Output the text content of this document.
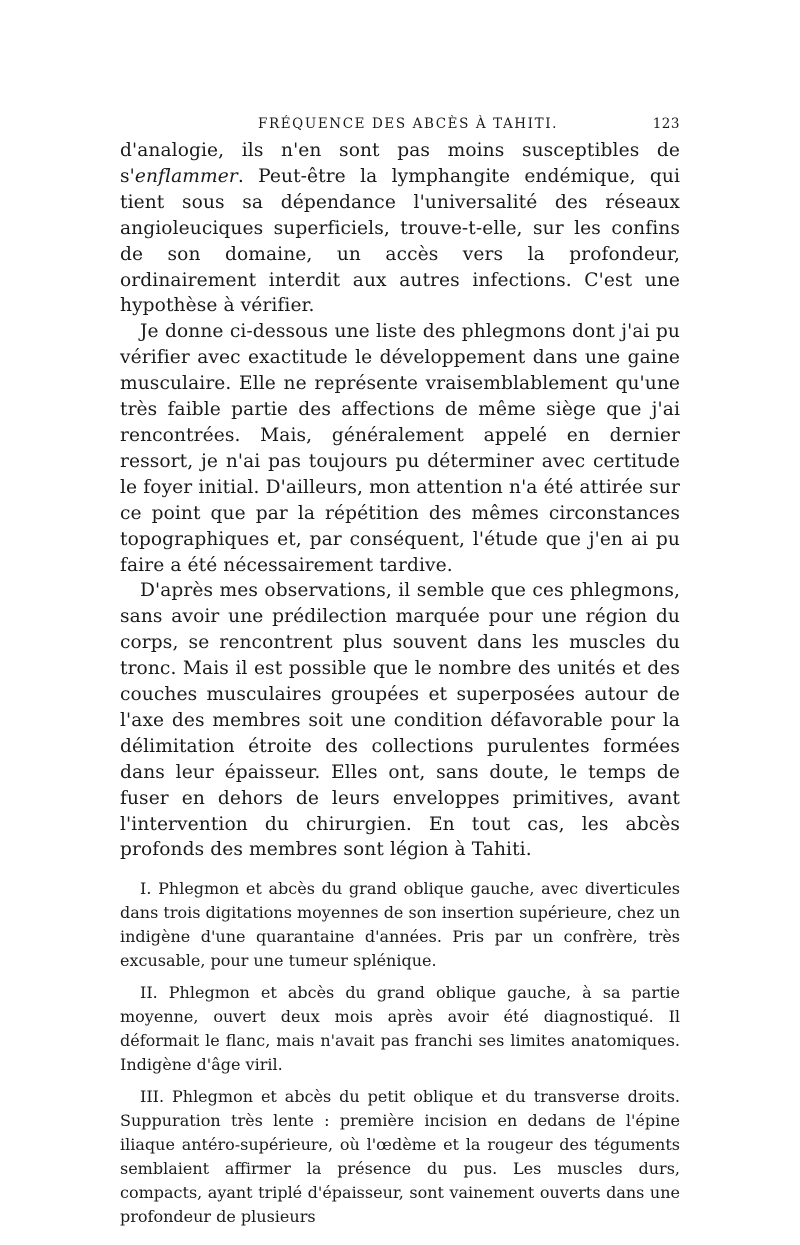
FRÉQUENCE DES ABCÈS À TAHITI.	123

d'analogie, ils n'en sont pas moins susceptibles de s'enflammer. Peut-être la lymphangite endémique, qui tient sous sa dépendance l'universalité des réseaux angioleuciques superficiels, trouve-t-elle, sur les confins de son domaine, un accès vers la profondeur, ordinairement interdit aux autres infections. C'est une hypothèse à vérifier.

Je donne ci-dessous une liste des phlegmons dont j'ai pu vérifier avec exactitude le développement dans une gaine musculaire. Elle ne représente vraisemblablement qu'une très faible partie des affections de même siège que j'ai rencontrées. Mais, généralement appelé en dernier ressort, je n'ai pas toujours pu déterminer avec certitude le foyer initial. D'ailleurs, mon attention n'a été attirée sur ce point que par la répétition des mêmes circonstances topographiques et, par conséquent, l'étude que j'en ai pu faire a été nécessairement tardive.

D'après mes observations, il semble que ces phlegmons, sans avoir une prédilection marquée pour une région du corps, se rencontrent plus souvent dans les muscles du tronc. Mais il est possible que le nombre des unités et des couches musculaires groupées et superposées autour de l'axe des membres soit une condition défavorable pour la délimitation étroite des collections purulentes formées dans leur épaisseur. Elles ont, sans doute, le temps de fuser en dehors de leurs enveloppes primitives, avant l'intervention du chirurgien. En tout cas, les abcès profonds des membres sont légion à Tahiti.

I. Phlegmon et abcès du grand oblique gauche, avec diverticules dans trois digitations moyennes de son insertion supérieure, chez un indigène d'une quarantaine d'années. Pris par un confrère, très excusable, pour une tumeur splénique.

II. Phlegmon et abcès du grand oblique gauche, à sa partie moyenne, ouvert deux mois après avoir été diagnostiqué. Il déformait le flanc, mais n'avait pas franchi ses limites anatomiques. Indigène d'âge viril.

III. Phlegmon et abcès du petit oblique et du transverse droits. Suppuration très lente : première incision en dedans de l'épine iliaque antéro-supérieure, où l'œdème et la rougeur des téguments semblaient affirmer la présence du pus. Les muscles durs, compacts, ayant triplé d'épaisseur, sont vainement ouverts dans une profondeur de plusieurs
